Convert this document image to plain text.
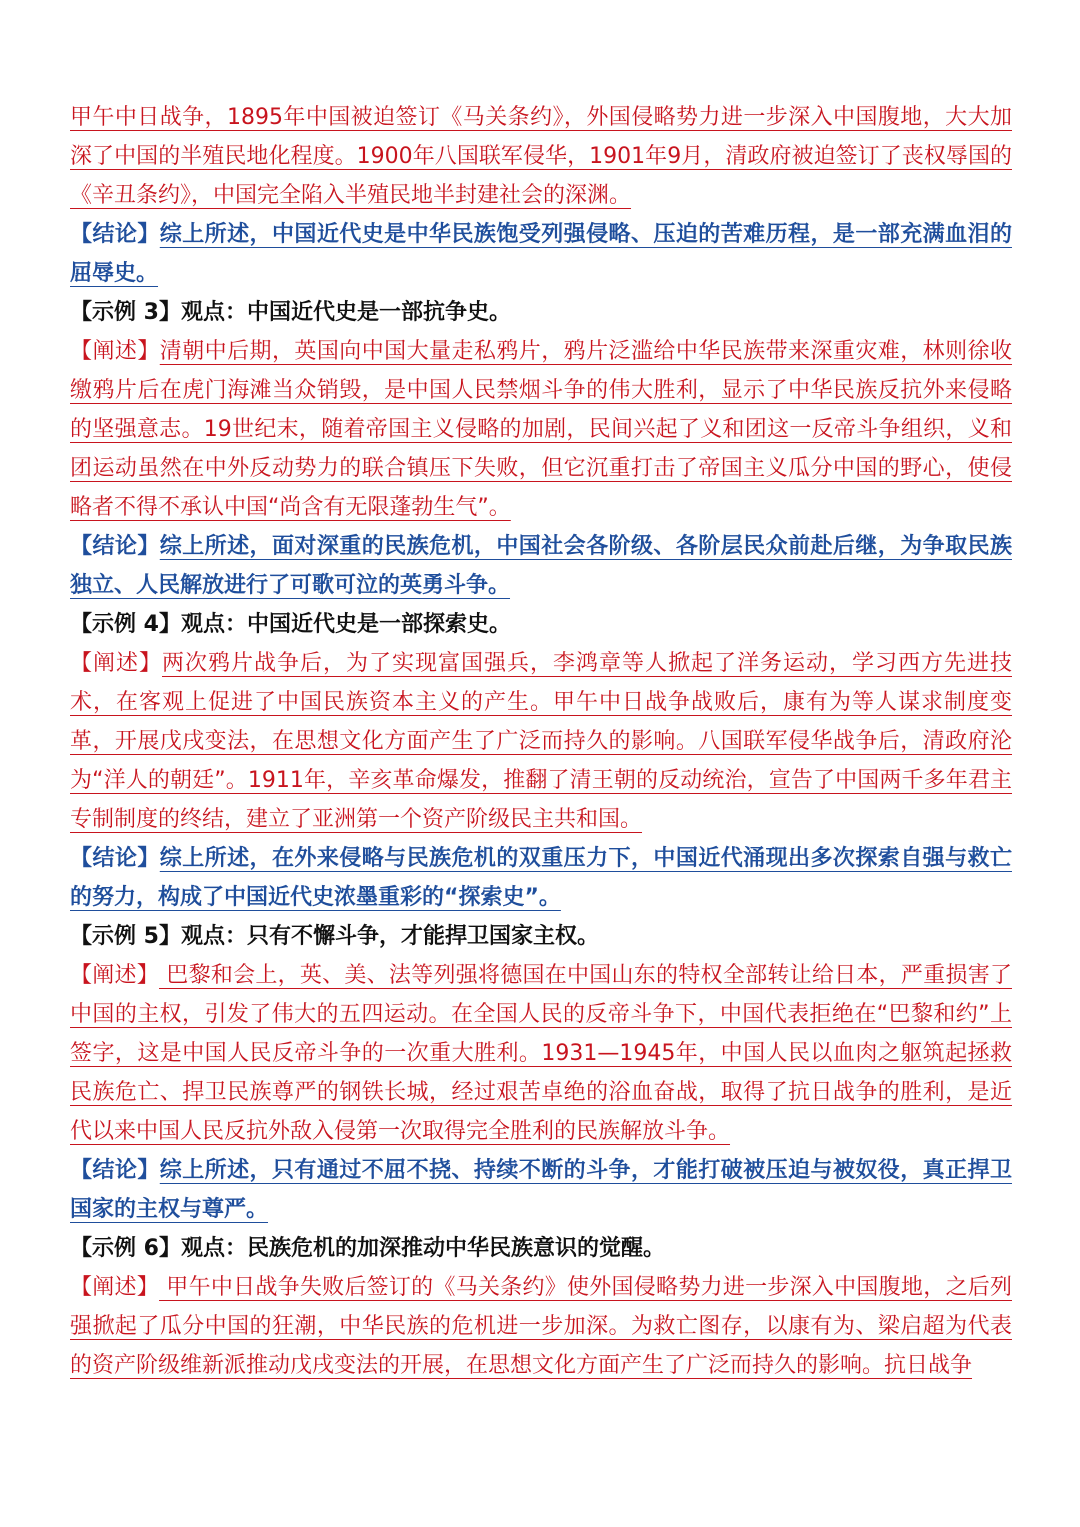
甲午中日战争，1895年中国被迫签订《马关条约》，外国侵略势力进一步深入中国腹地，大大加深了中国的半殖民地化程度。1900年八国联军侵华，1901年9月，清政府被迫签订了丧权辱国的《辛丑条约》，中国完全陷入半殖民地半封建社会的深渊。

【结论】综上所述，中国近代史是中华民族饱受列强侵略、压迫的苦难历程，是一部充满血泪的屈辱史。

【示例 3】观点：中国近代史是一部抗争史。

【阐述】清朝中后期，英国向中国大量走私鸦片，鸦片泛滥给中华民族带来深重灾难，林则徐收缴鸦片后在虎门海滩当众销毁，是中国人民禁烟斗争的伟大胜利，显示了中华民族反抗外来侵略的坚强意志。19世纪末，随着帝国主义侵略的加剧，民间兴起了义和团这一反帝斗争组织，义和团运动虽然在中外反动势力的联合镇压下失败，但它沉重打击了帝国主义瓜分中国的野心，使侵略者不得不承认中国“尚含有无限蓬勃生气”。

【结论】综上所述，面对深重的民族危机，中国社会各阶级、各阶层民众前赴后继，为争取民族独立、人民解放进行了可歌可泣的英勇斗争。

【示例 4】观点：中国近代史是一部探索史。

【阐述】两次鸦片战争后，为了实现富国强兵，李鸿章等人掀起了洋务运动，学习西方先进技术，在客观上促进了中国民族资本主义的产生。甲午中日战争战败后，康有为等人谋求制度变革，开展戊戌变法，在思想文化方面产生了广泛而持久的影响。八国联军侵华战争后，清政府沦为“洋人的朝廷”。1911年，辛亥革命爆发，推翻了清王朝的反动统治，宣告了中国两千多年君主专制制度的终结，建立了亚洲第一个资产阶级民主共和国。

【结论】综上所述，在外来侵略与民族危机的双重压力下，中国近代涌现出多次探索自强与救亡的努力，构成了中国近代史浓墨重彩的“探索史”。

【示例 5】观点：只有不懈斗争，才能捍卫国家主权。

【阐述】 巴黎和会上，英、美、法等列强将德国在中国山东的特权全部转让给日本，严重损害了中国的主权，引发了伟大的五四运动。在全国人民的反帝斗争下，中国代表拒绝在“巴黎和约”上签字，这是中国人民反帝斗争的一次重大胜利。1931—1945年，中国人民以血肉之躯筑起拯救民族危亡、捍卫民族尊严的钢铁长城，经过艰苦卓绝的浴血奋战，取得了抗日战争的胜利，是近代以来中国人民反抗外敌入侵第一次取得完全胜利的民族解放斗争。

【结论】综上所述，只有通过不屈不挠、持续不断的斗争，才能打破被压迫与被奴役，真正捍卫国家的主权与尊严。

【示例 6】观点：民族危机的加深推动中华民族意识的觉醒。

【阐述】 甲午中日战争失败后签订的《马关条约》使外国侵略势力进一步深入中国腹地，之后列强掀起了瓜分中国的狂潮，中华民族的危机进一步加深。为救亡图存，以康有为、梁启超为代表的资产阶级维新派推动戊戌变法的开展，在思想文化方面产生了广泛而持久的影响。抗日战争
